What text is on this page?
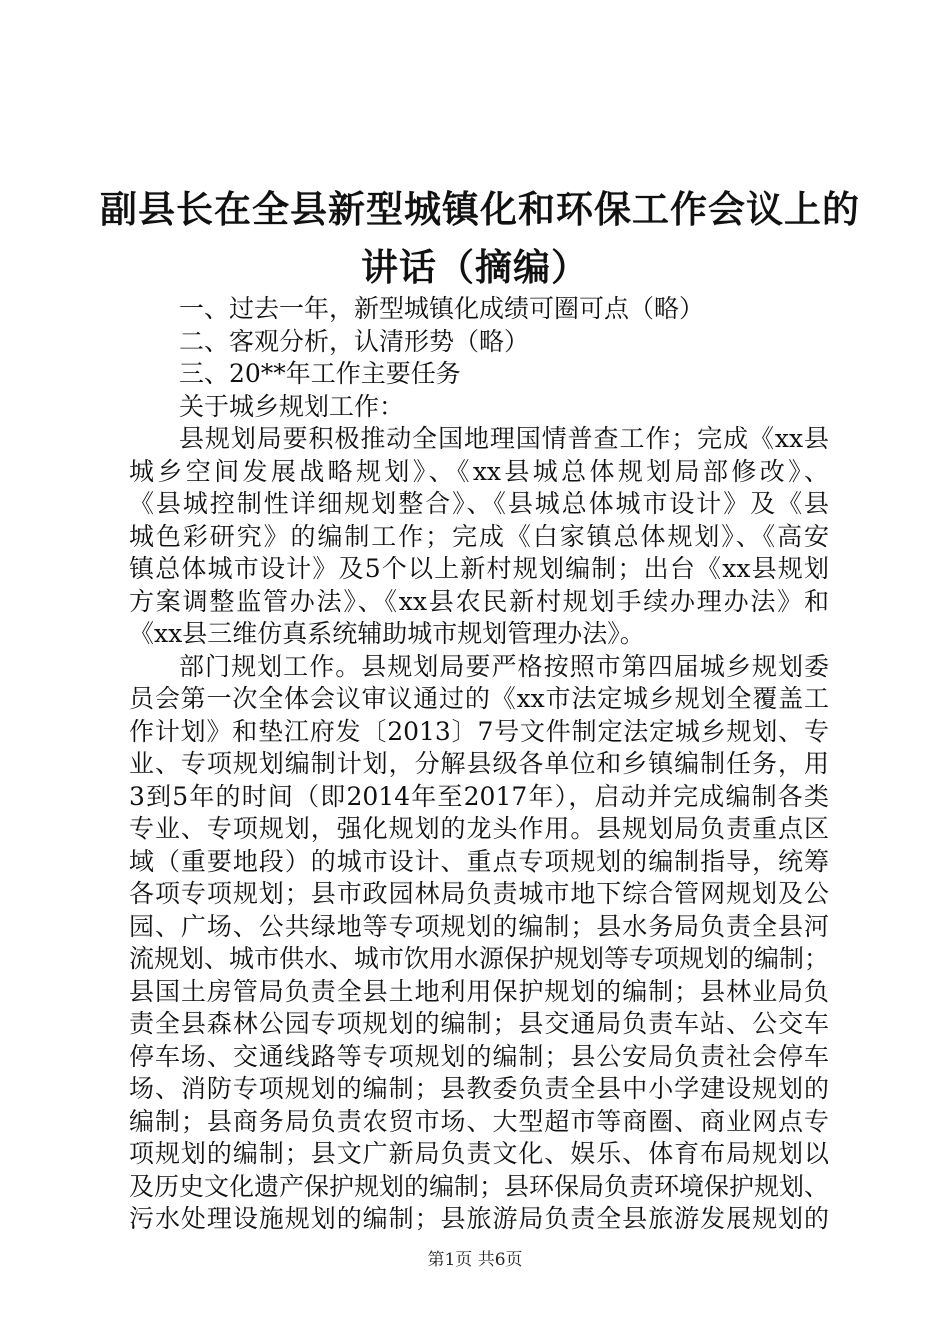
副县长在全县新型城镇化和环保工作会议上的
讲话（摘编）
一、过去一年，新型城镇化成绩可圈可点（略）
二、客观分析，认清形势（略）
三、20**年工作主要任务
关于城乡规划工作：
县规划局要积极推动全国地理国情普查工作；完成《xx县
城乡空间发展战略规划》、《xx县城总体规划局部修改》、
《县城控制性详细规划整合》、《县城总体城市设计》及《县
城色彩研究》的编制工作；完成《白家镇总体规划》、《高安
镇总体城市设计》及5个以上新村规划编制；出台《xx县规划
方案调整监管办法》、《xx县农民新村规划手续办理办法》和
《xx县三维仿真系统辅助城市规划管理办法》。
部门规划工作。县规划局要严格按照市第四届城乡规划委
员会第一次全体会议审议通过的《xx市法定城乡规划全覆盖工
作计划》和垫江府发〔2013〕7号文件制定法定城乡规划、专
业、专项规划编制计划，分解县级各单位和乡镇编制任务，用
3到5年的时间（即2014年至2017年），启动并完成编制各类
专业、专项规划，强化规划的龙头作用。县规划局负责重点区
域（重要地段）的城市设计、重点专项规划的编制指导，统筹
各项专项规划；县市政园林局负责城市地下综合管网规划及公
园、广场、公共绿地等专项规划的编制；县水务局负责全县河
流规划、城市供水、城市饮用水源保护规划等专项规划的编制；
县国土房管局负责全县土地利用保护规划的编制；县林业局负
责全县森林公园专项规划的编制；县交通局负责车站、公交车
停车场、交通线路等专项规划的编制；县公安局负责社会停车
场、消防专项规划的编制；县教委负责全县中小学建设规划的
编制；县商务局负责农贸市场、大型超市等商圈、商业网点专
项规划的编制；县文广新局负责文化、娱乐、体育布局规划以
及历史文化遗产保护规划的编制；县环保局负责环境保护规划、
污水处理设施规划的编制；县旅游局负责全县旅游发展规划的
第1页 共6页
